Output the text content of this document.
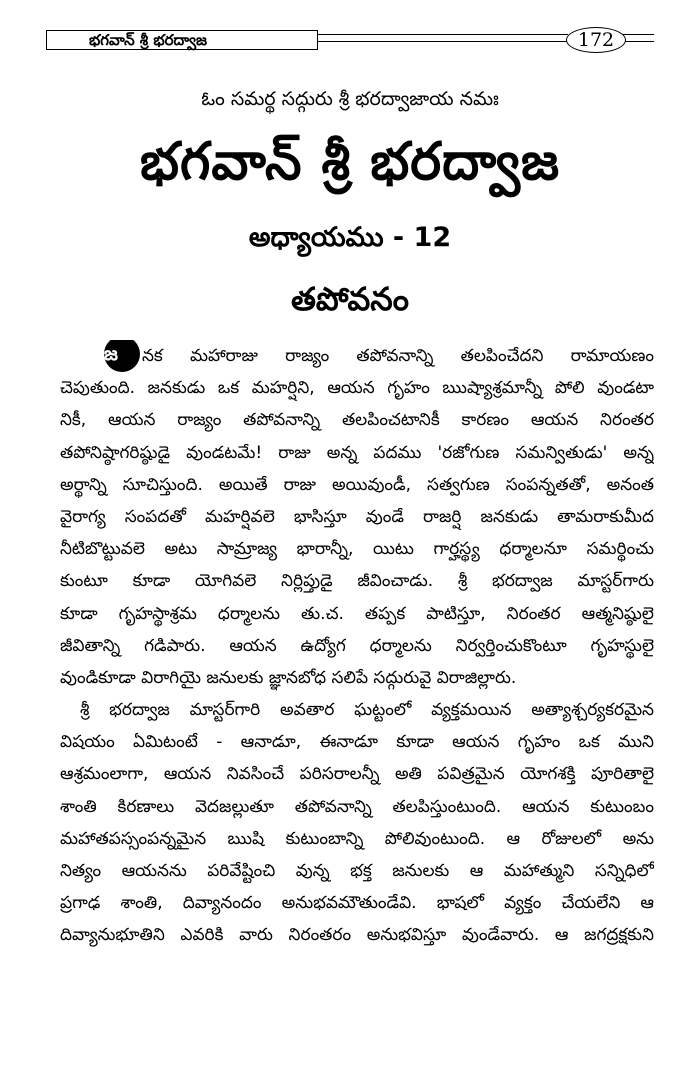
భగవాన్ శ్రీ భరద్వాజ	172
ఓం సమర్థ సద్గురు శ్రీ భరద్వాజాయ నమః
భగవాన్ శ్రీ భరద్వాజ
అధ్యాయము - 12
తపోవనం
జ	నక మహారాజు రాజ్యం తపోవనాన్ని తలపించేదని రామాయణం
చెపుతుంది. జనకుడు ఒక మహర్షిని, ఆయన గృహం ఋష్యాశ్రమాన్నీ పోలి వుండటా
నికీ, ఆయన రాజ్యం తపోవనాన్ని తలపించటానికీ కారణం ఆయన నిరంతర
తపోనిష్ఠాగరిష్ఠుడై వుండటమే! రాజు అన్న పదము 'రజోగుణ సమన్వితుడు' అన్న
అర్థాన్ని సూచిస్తుంది. అయితే రాజు అయివుండీ, సత్వగుణ సంపన్నతతో, అనంత
వైరాగ్య సంపదతో మహర్షివలె భాసిస్తూ వుండే రాజర్షి జనకుడు తామరాకుమీద
నీటిబొట్టువలె అటు సామ్రాజ్య భారాన్నీ, యిటు గార్హస్థ్య ధర్మాలనూ సమర్థించు
కుంటూ కూడా యోగివలె నిర్లిప్తుడై జీవించాడు. శ్రీ భరద్వాజ మాస్టర్‌గారు
కూడా గృహస్థాశ్రమ ధర్మాలను తు.చ. తప్పక పాటిస్తూ, నిరంతర ఆత్మనిష్ఠులై
జీవితాన్ని గడిపారు. ఆయన ఉద్యోగ ధర్మాలను నిర్వర్తించుకొంటూ గృహస్థులై
వుండికూడా విరాగియై జనులకు జ్ఞానబోధ సలిపే సద్గురువై విరాజిల్లారు.
శ్రీ భరద్వాజ మాస్టర్‌గారి అవతార ఘట్టంలో వ్యక్తమయిన అత్యాశ్చర్యకరమైన
విషయం ఏమిటంటే - ఆనాడూ, ఈనాడూ కూడా ఆయన గృహం ఒక ముని
ఆశ్రమంలాగా, ఆయన నివసించే పరిసరాలన్నీ అతి పవిత్రమైన యోగశక్తి పూరితాలై
శాంతి కిరణాలు వెదజల్లుతూ తపోవనాన్ని తలపిస్తుంటుంది. ఆయన కుటుంబం
మహాతపస్సంపన్నమైన ఋషి కుటుంబాన్ని పోలివుంటుంది. ఆ రోజులలో అను
నిత్యం ఆయనను పరివేష్టించి వున్న భక్త జనులకు ఆ మహాత్ముని సన్నిధిలో
ప్రగాఢ శాంతి, దివ్యానందం అనుభవమౌతుండేవి. భాషలో వ్యక్తం చేయలేని ఆ
దివ్యానుభూతిని ఎవరికి వారు నిరంతరం అనుభవిస్తూ వుండేవారు. ఆ జగద్రక్షకుని
